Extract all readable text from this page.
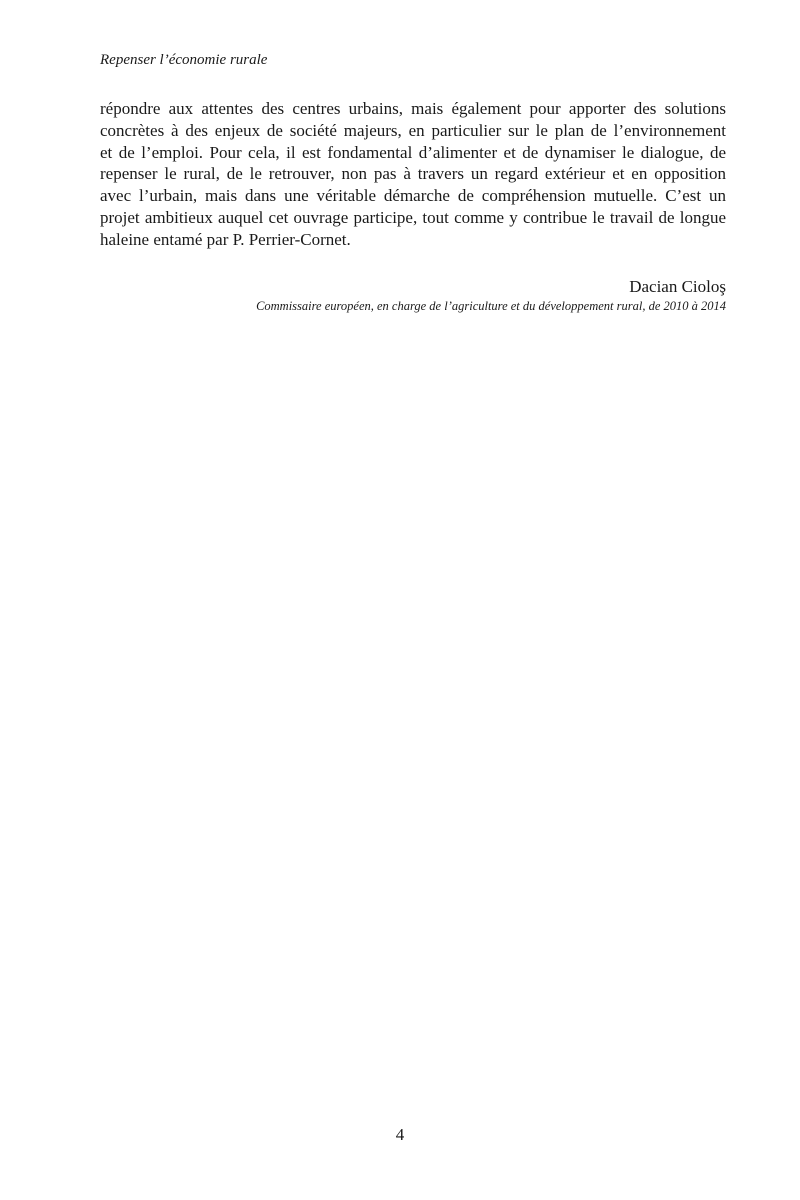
Repenser l’économie rurale
répondre aux attentes des centres urbains, mais également pour apporter des solutions
concrètes à des enjeux de société majeurs, en particulier sur le plan de l’environnement
et de l’emploi. Pour cela, il est fondamental d’alimenter et de dynamiser le dialogue, de
repenser le rural, de le retrouver, non pas à travers un regard extérieur et en opposition
avec l’urbain, mais dans une véritable démarche de compréhension mutuelle. C’est un
projet ambitieux auquel cet ouvrage participe, tout comme y contribue le travail de longue
haleine entamé par P. Perrier-Cornet.
Dacian Cioloş
Commissaire européen, en charge de l’agriculture et du développement rural, de 2010 à 2014
4
